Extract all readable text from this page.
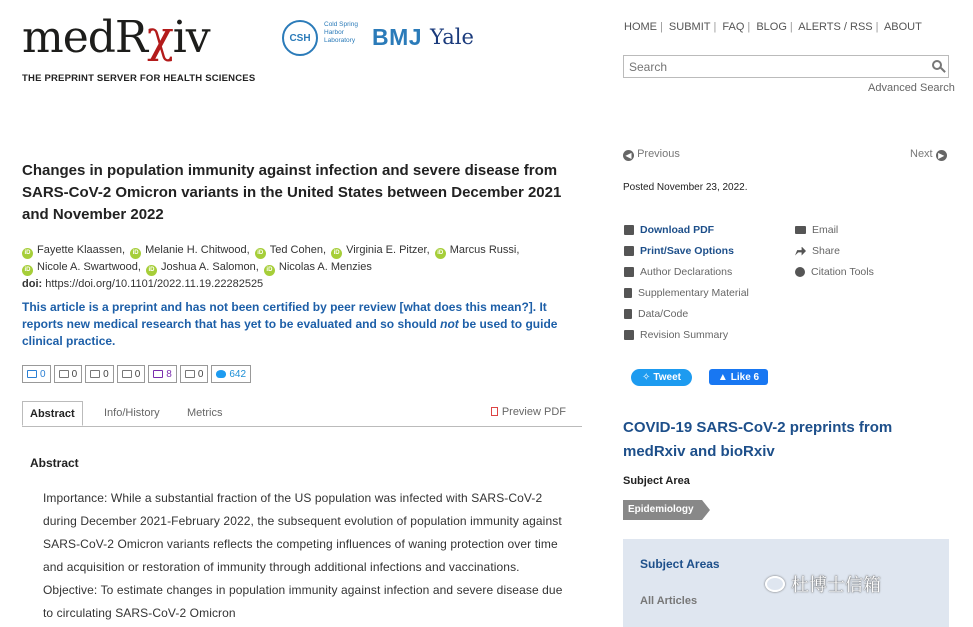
medRχiv
THE PREPRINT SERVER FOR HEALTH SCIENCES
CSH
Cold Spring Harbor Laboratory BMJ Yale	HOME | SUBMIT | FAQ | BLOG | ALERTS / RSS | ABOUT
Search
Advanced Search
Changes in population immunity against infection and severe disease from SARS-CoV-2 Omicron variants in the United States between December 2021 and November 2022
iD Fayette Klaassen, iD Melanie H. Chitwood, iD Ted Cohen, iD Virginia E. Pitzer, iD Marcus Russi,
iD Nicole A. Swartwood, iD Joshua A. Salomon, iD Nicolas A. Menzies
doi: https://doi.org/10.1101/2022.11.19.22282525
This article is a preprint and has not been certified by peer review [what does this mean?]. It reports new medical research that has yet to be evaluated and so should not be used to guide clinical practice.
0	0	0	0	8	0	642
Abstract	Info/History	Metrics	Preview PDF
Abstract
Importance: While a substantial fraction of the US population was infected with SARS-CoV-2 during December 2021-February 2022, the subsequent evolution of population immunity against SARS-CoV-2 Omicron variants reflects the competing influences of waning protection over time and acquisition or restoration of immunity through additional infections and vaccinations. Objective: To estimate changes in population immunity against infection and severe disease due to circulating SARS-CoV-2 Omicron
◀ Previous	Next ▶
Posted November 23, 2022.
Download PDF
Print/Save Options
Author Declarations
Supplementary Material
Data/Code
Revision Summary
Email
Share
Citation Tools
✧ Tweet	▲ Like 6
COVID-19 SARS-CoV-2 preprints from medRxiv and bioRxiv
Subject Area
Epidemiology
Subject Areas
All Articles
杜博士信箱
